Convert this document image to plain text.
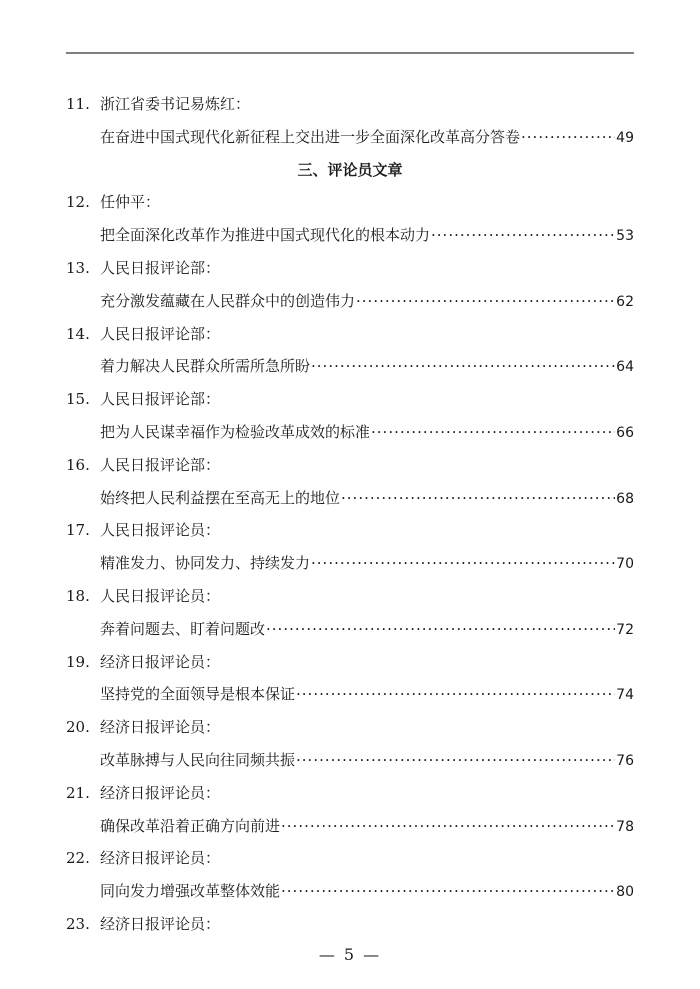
11. 浙江省委书记易炼红：
在奋进中国式现代化新征程上交出进一步全面深化改革高分答卷 ·····	49
三、评论员文章
12. 任仲平：
把全面深化改革作为推进中国式现代化的根本动力 ·····	53
13. 人民日报评论部：
充分激发蕴藏在人民群众中的创造伟力 ·····	62
14. 人民日报评论部：
着力解决人民群众所需所急所盼 ·····	64
15. 人民日报评论部：
把为人民谋幸福作为检验改革成效的标准 ·····	66
16. 人民日报评论部：
始终把人民利益摆在至高无上的地位 ·····	68
17. 人民日报评论员：
精准发力、协同发力、持续发力 ·····	70
18. 人民日报评论员：
奔着问题去、盯着问题改 ·····	72
19. 经济日报评论员：
坚持党的全面领导是根本保证 ·····	74
20. 经济日报评论员：
改革脉搏与人民向往同频共振 ·····	76
21. 经济日报评论员：
确保改革沿着正确方向前进 ·····	78
22. 经济日报评论员：
同向发力增强改革整体效能 ·····	80
23. 经济日报评论员：
— 5 —
